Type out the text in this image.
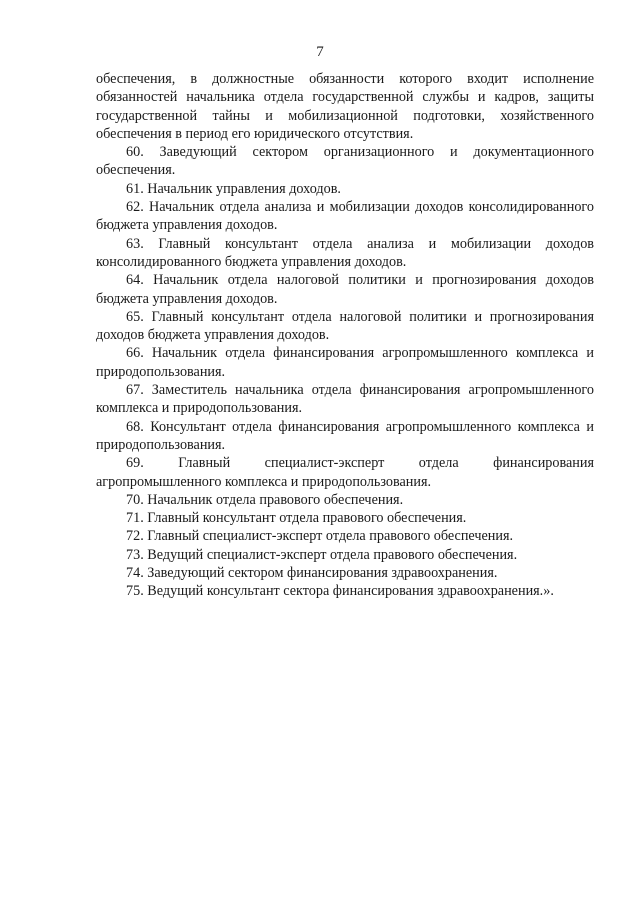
7

обеспечения, в должностные обязанности которого входит исполнение обязанностей начальника отдела государственной службы и кадров, защиты государственной тайны и мобилизационной подготовки, хозяйственного обеспечения в период его юридического отсутствия.

60. Заведующий сектором организационного и документационного обеспечения.

61. Начальник управления доходов.

62. Начальник отдела анализа и мобилизации доходов консолидированного бюджета управления доходов.

63. Главный консультант отдела анализа и мобилизации доходов консолидированного бюджета управления доходов.

64. Начальник отдела налоговой политики и прогнозирования доходов бюджета управления доходов.

65. Главный консультант отдела налоговой политики и прогнозирования доходов бюджета управления доходов.

66. Начальник отдела финансирования агропромышленного комплекса и природопользования.

67. Заместитель начальника отдела финансирования агропромышленного комплекса и природопользования.

68. Консультант отдела финансирования агропромышленного комплекса и природопользования.

69. Главный специалист-эксперт отдела финансирования агропромышленного комплекса и природопользования.

70. Начальник отдела правового обеспечения.

71. Главный консультант отдела правового обеспечения.

72. Главный специалист-эксперт отдела правового обеспечения.

73. Ведущий специалист-эксперт отдела правового обеспечения.

74. Заведующий сектором финансирования здравоохранения.

75. Ведущий консультант сектора финансирования здравоохранения.».
